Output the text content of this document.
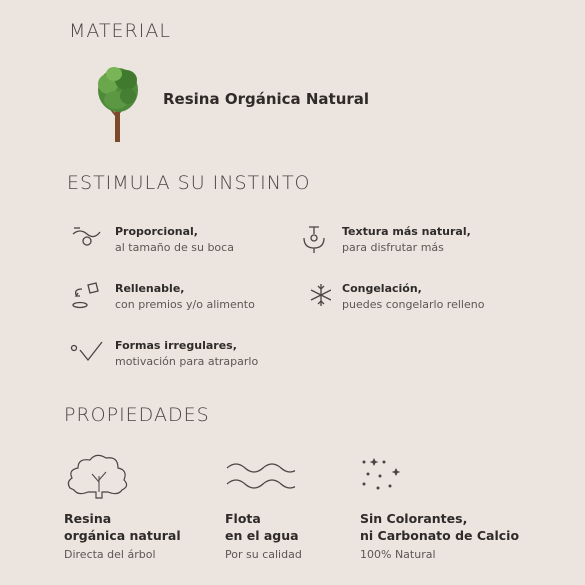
MATERIAL
Resina Orgánica Natural
ESTIMULA SU INSTINTO
Proporcional,
al tamaño de su boca
Textura más natural,
para disfrutar más
Rellenable,
con premios y/o alimento
Congelación,
puedes congelarlo relleno
Formas irregulares,
motivación para atraparlo
PROPIEDADES
Resina
orgánica natural
Directa del árbol
Flota
en el agua
Por su calidad
Sin Colorantes,
ni Carbonato de Calcio
100% Natural
